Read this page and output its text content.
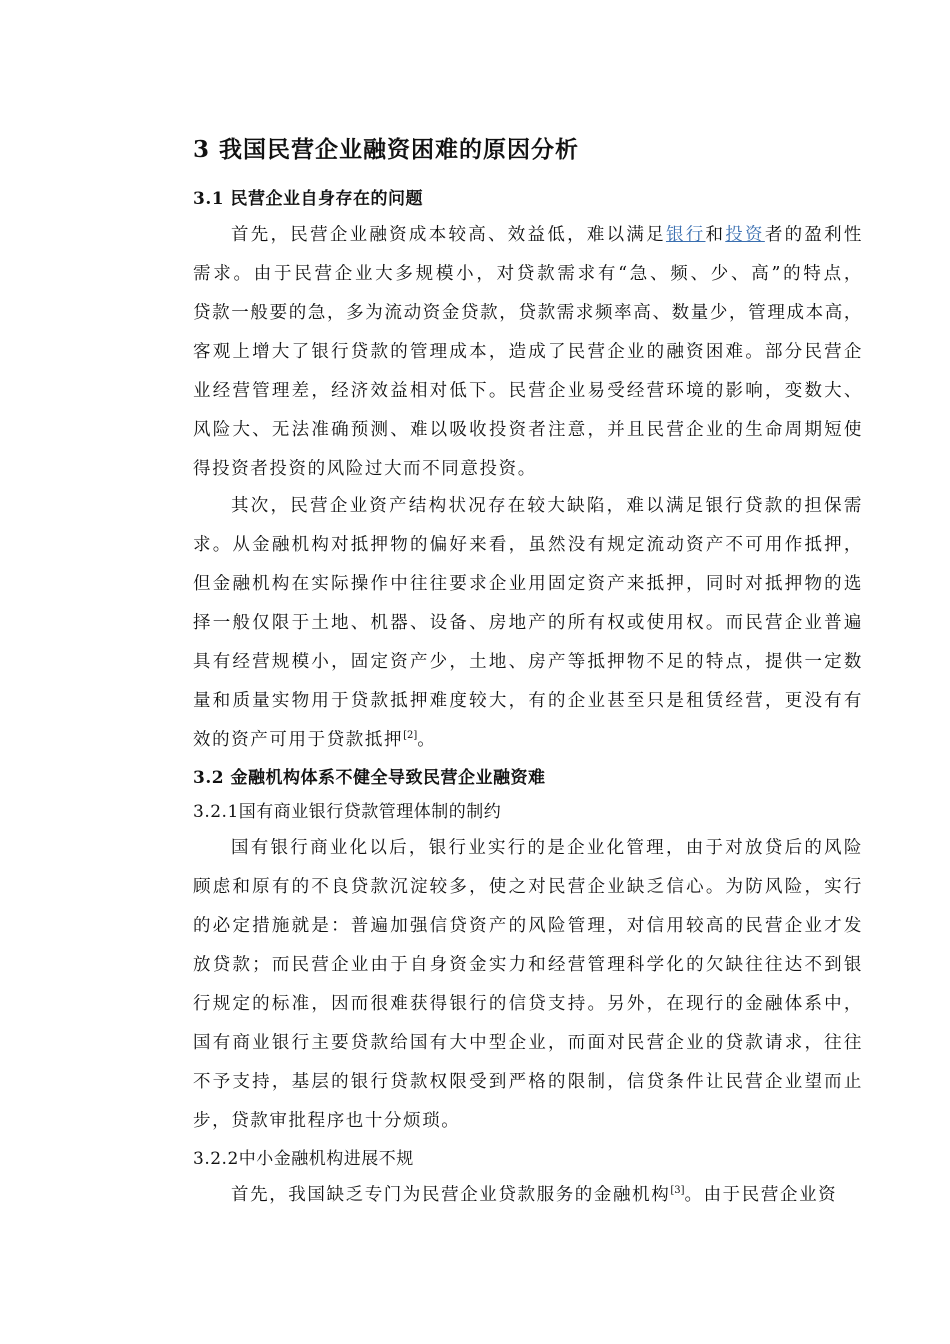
3 我国民营企业融资困难的原因分析
3.1 民营企业自身存在的问题
首先，民营企业融资成本较高、效益低，难以满足银行和投资者的盈利性
需求。由于民营企业大多规模小，对贷款需求有“急、频、少、高”的特点，
贷款一般要的急，多为流动资金贷款，贷款需求频率高、数量少，管理成本高，
客观上增大了银行贷款的管理成本，造成了民营企业的融资困难。部分民营企
业经营管理差，经济效益相对低下。民营企业易受经营环境的影响，变数大、
风险大、无法准确预测、难以吸收投资者注意，并且民营企业的生命周期短使
得投资者投资的风险过大而不同意投资。
其次，民营企业资产结构状况存在较大缺陷，难以满足银行贷款的担保需
求。从金融机构对抵押物的偏好来看，虽然没有规定流动资产不可用作抵押，
但金融机构在实际操作中往往要求企业用固定资产来抵押，同时对抵押物的选
择一般仅限于土地、机器、设备、房地产的所有权或使用权。而民营企业普遍
具有经营规模小，固定资产少，土地、房产等抵押物不足的特点，提供一定数
量和质量实物用于贷款抵押难度较大，有的企业甚至只是租赁经营，更没有有
效的资产可用于贷款抵押[2]。
3.2 金融机构体系不健全导致民营企业融资难
3.2.1国有商业银行贷款管理体制的制约
国有银行商业化以后，银行业实行的是企业化管理，由于对放贷后的风险
顾虑和原有的不良贷款沉淀较多，使之对民营企业缺乏信心。为防风险，实行
的必定措施就是：普遍加强信贷资产的风险管理，对信用较高的民营企业才发
放贷款；而民营企业由于自身资金实力和经营管理科学化的欠缺往往达不到银
行规定的标准，因而很难获得银行的信贷支持。另外，在现行的金融体系中，
国有商业银行主要贷款给国有大中型企业，而面对民营企业的贷款请求，往往
不予支持，基层的银行贷款权限受到严格的限制，信贷条件让民营企业望而止
步，贷款审批程序也十分烦琐。
3.2.2中小金融机构进展不规
首先，我国缺乏专门为民营企业贷款服务的金融机构[3]。由于民营企业资
